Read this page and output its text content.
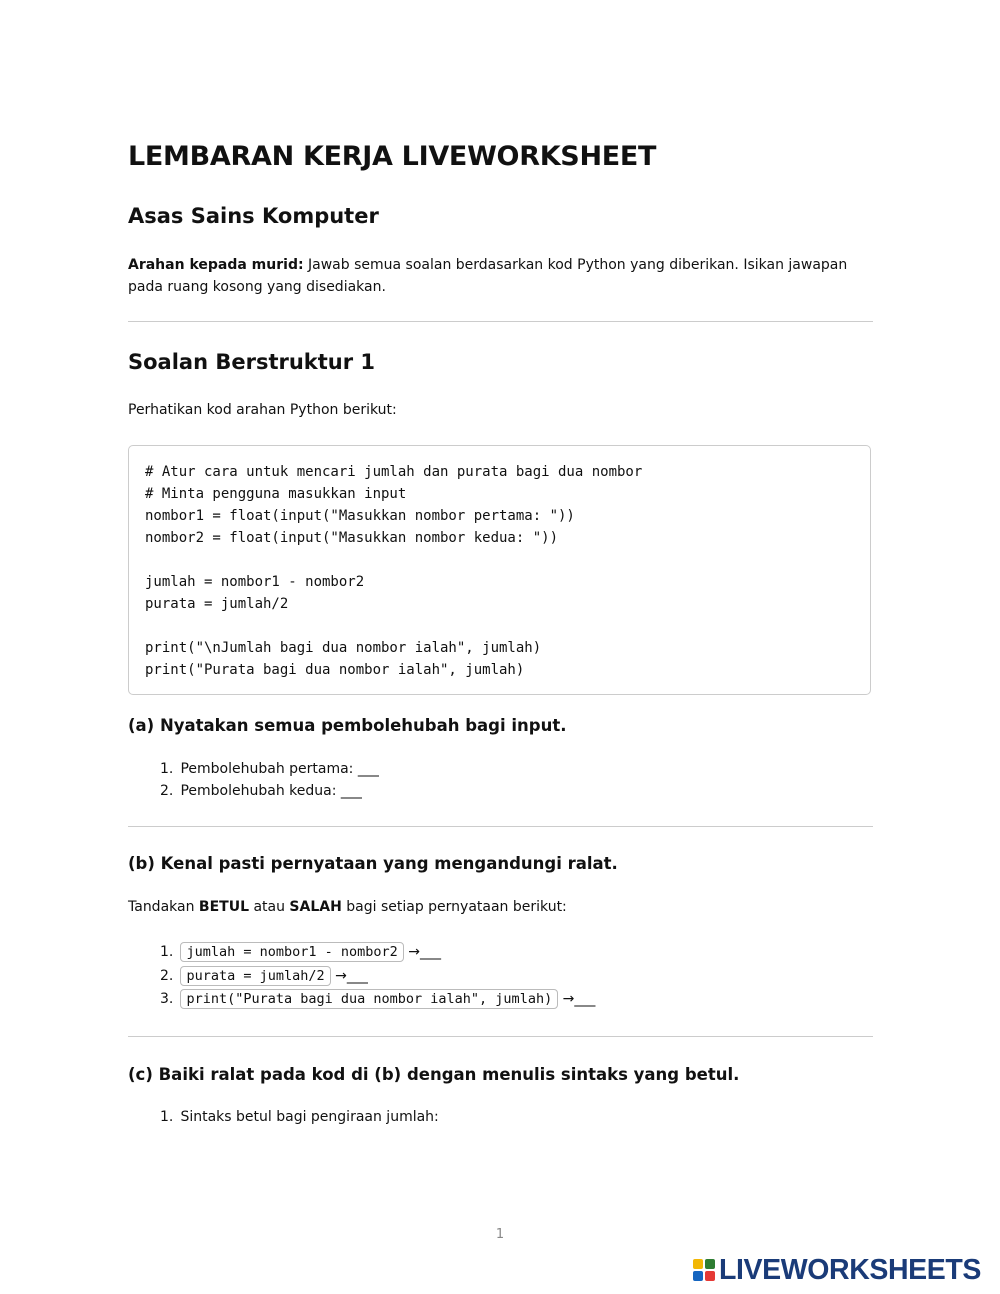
LEMBARAN KERJA LIVEWORKSHEET
Asas Sains Komputer

Arahan kepada murid: Jawab semua soalan berdasarkan kod Python yang diberikan. Isikan jawapan pada ruang kosong yang disediakan.

Soalan Berstruktur 1

Perhatikan kod arahan Python berikut:

# Atur cara untuk mencari jumlah dan purata bagi dua nombor
# Minta pengguna masukkan input
nombor1 = float(input("Masukkan nombor pertama: "))
nombor2 = float(input("Masukkan nombor kedua: "))
jumlah = nombor1 - nombor2
purata = jumlah/2
print("\nJumlah bagi dua nombor ialah", jumlah)
print("Purata bagi dua nombor ialah", jumlah)
(a) Nyatakan semua pembolehubah bagi input.
1. Pembolehubah pertama: ___
2. Pembolehubah kedua: ___
(b) Kenal pasti pernyataan yang mengandungi ralat.

Tandakan BETUL atau SALAH bagi setiap pernyataan berikut:

1. jumlah = nombor1 - nombor2 →___
2. purata = jumlah/2 →___
3. print("Purata bagi dua nombor ialah", jumlah) →___
(c) Baiki ralat pada kod di (b) dengan menulis sintaks yang betul.
1. Sintaks betul bagi pengiraan jumlah:
1
LIVEWORKSHEETS
